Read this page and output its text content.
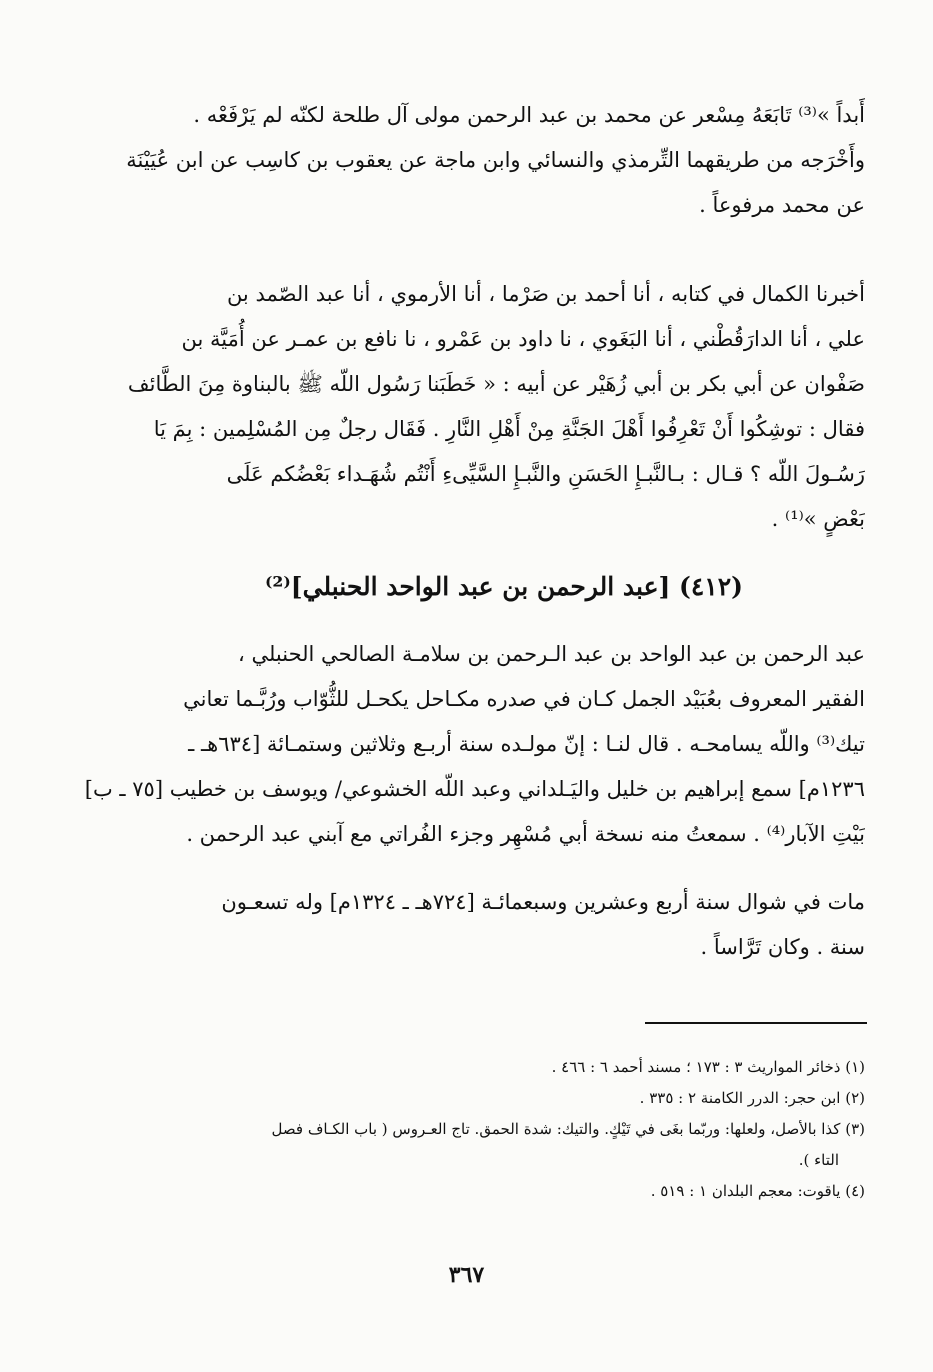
أَبداً »⁽³⁾ تَابَعَهُ مِسْعر عن محمد بن عبد الرحمن مولى آل طلحة لكنّه لم يَرْفَعْه .
وأَخْرَجه من طريقهما التِّرمذي والنسائي وابن ماجة عن يعقوب بن كاسِب عن ابن عُيَيْنَة
عن محمد مرفوعاً .
أخبرنا الكمال في كتابه ، أنا أحمد بن صَرْما ، أنا الأرموي ، أنا عبد الصّمد بن
علي ، أنا الدارَقُطْني ، أنا البَغَوي ، نا داود بن عَمْرو ، نا نافع بن عمـر عن أُمَيَّة بن
صَفْوان عن أبي بكر بن أبي زُهَيْر عن أبيه : « خَطَبَنا رَسُول اللّه ﷺ بالبناوة مِنَ الطَّائف
فقال : توشِكُوا أَنْ تَعْرِفُوا أَهْلَ الجَنَّةِ مِنْ أَهْلِ النَّارِ . فَقَال رجلٌ مِن المُسْلِمين : بِمَ يَا
رَسُـولَ اللّه ؟ قـال : بـالنَّبـإِ الحَسَنِ والنَّبـإِ السَّيِّىءِ أَنْتُم شُهَـداء بَعْضُكم عَلَى
بَعْضٍ »⁽¹⁾ .
(٤١٢) [عبد الرحمن بن عبد الواحد الحنبلي]⁽²⁾
عبد الرحمن بن عبد الواحد بن عبد الـرحمن بن سلامـة الصالحي الحنبلي ،
الفقير المعروف بعُبَيْد الجمل كـان في صدره مكـاحل يكحـل للثُّوّاب ورُبَّـما تعاني
تيك⁽³⁾ واللّه يسامحـه . قال لنـا : إنّ مولـده سنة أربـع وثلاثين وستمـائة [٦٣٤هـ ـ
١٢٣٦م] سمع إبراهيم بن خليل واليَـلداني وعبد اللّه الخشوعي/ ويوسف بن خطيب [٧٥ ـ ب]
بَيْتِ الآبار⁽⁴⁾ . سمعتُ منه نسخة أبي مُسْهِر وجزء الفُراتي مع آبني عبد الرحمن .
مات في شوال سنة أربع وعشرين وسبعمائـة [٧٢٤هـ ـ ١٣٢٤م] وله تسعـون
سنة . وكان تَرَّاساً .
(١) ذخائر المواريث ٣ : ١٧٣ ؛ مسند أحمد ٦ : ٤٦٦ .
(٢) ابن حجر: الدرر الكامنة ٢ : ٣٣٥ .
(٣) كذا بالأصل، ولعلها: وربّما بغَى في تَيْكٍ. والتيك: شدة الحمق. تاج العـروس ( باب الكـاف فصل
التاء ).
(٤) ياقوت: معجم البلدان ١ : ٥١٩ .
٣٦٧
